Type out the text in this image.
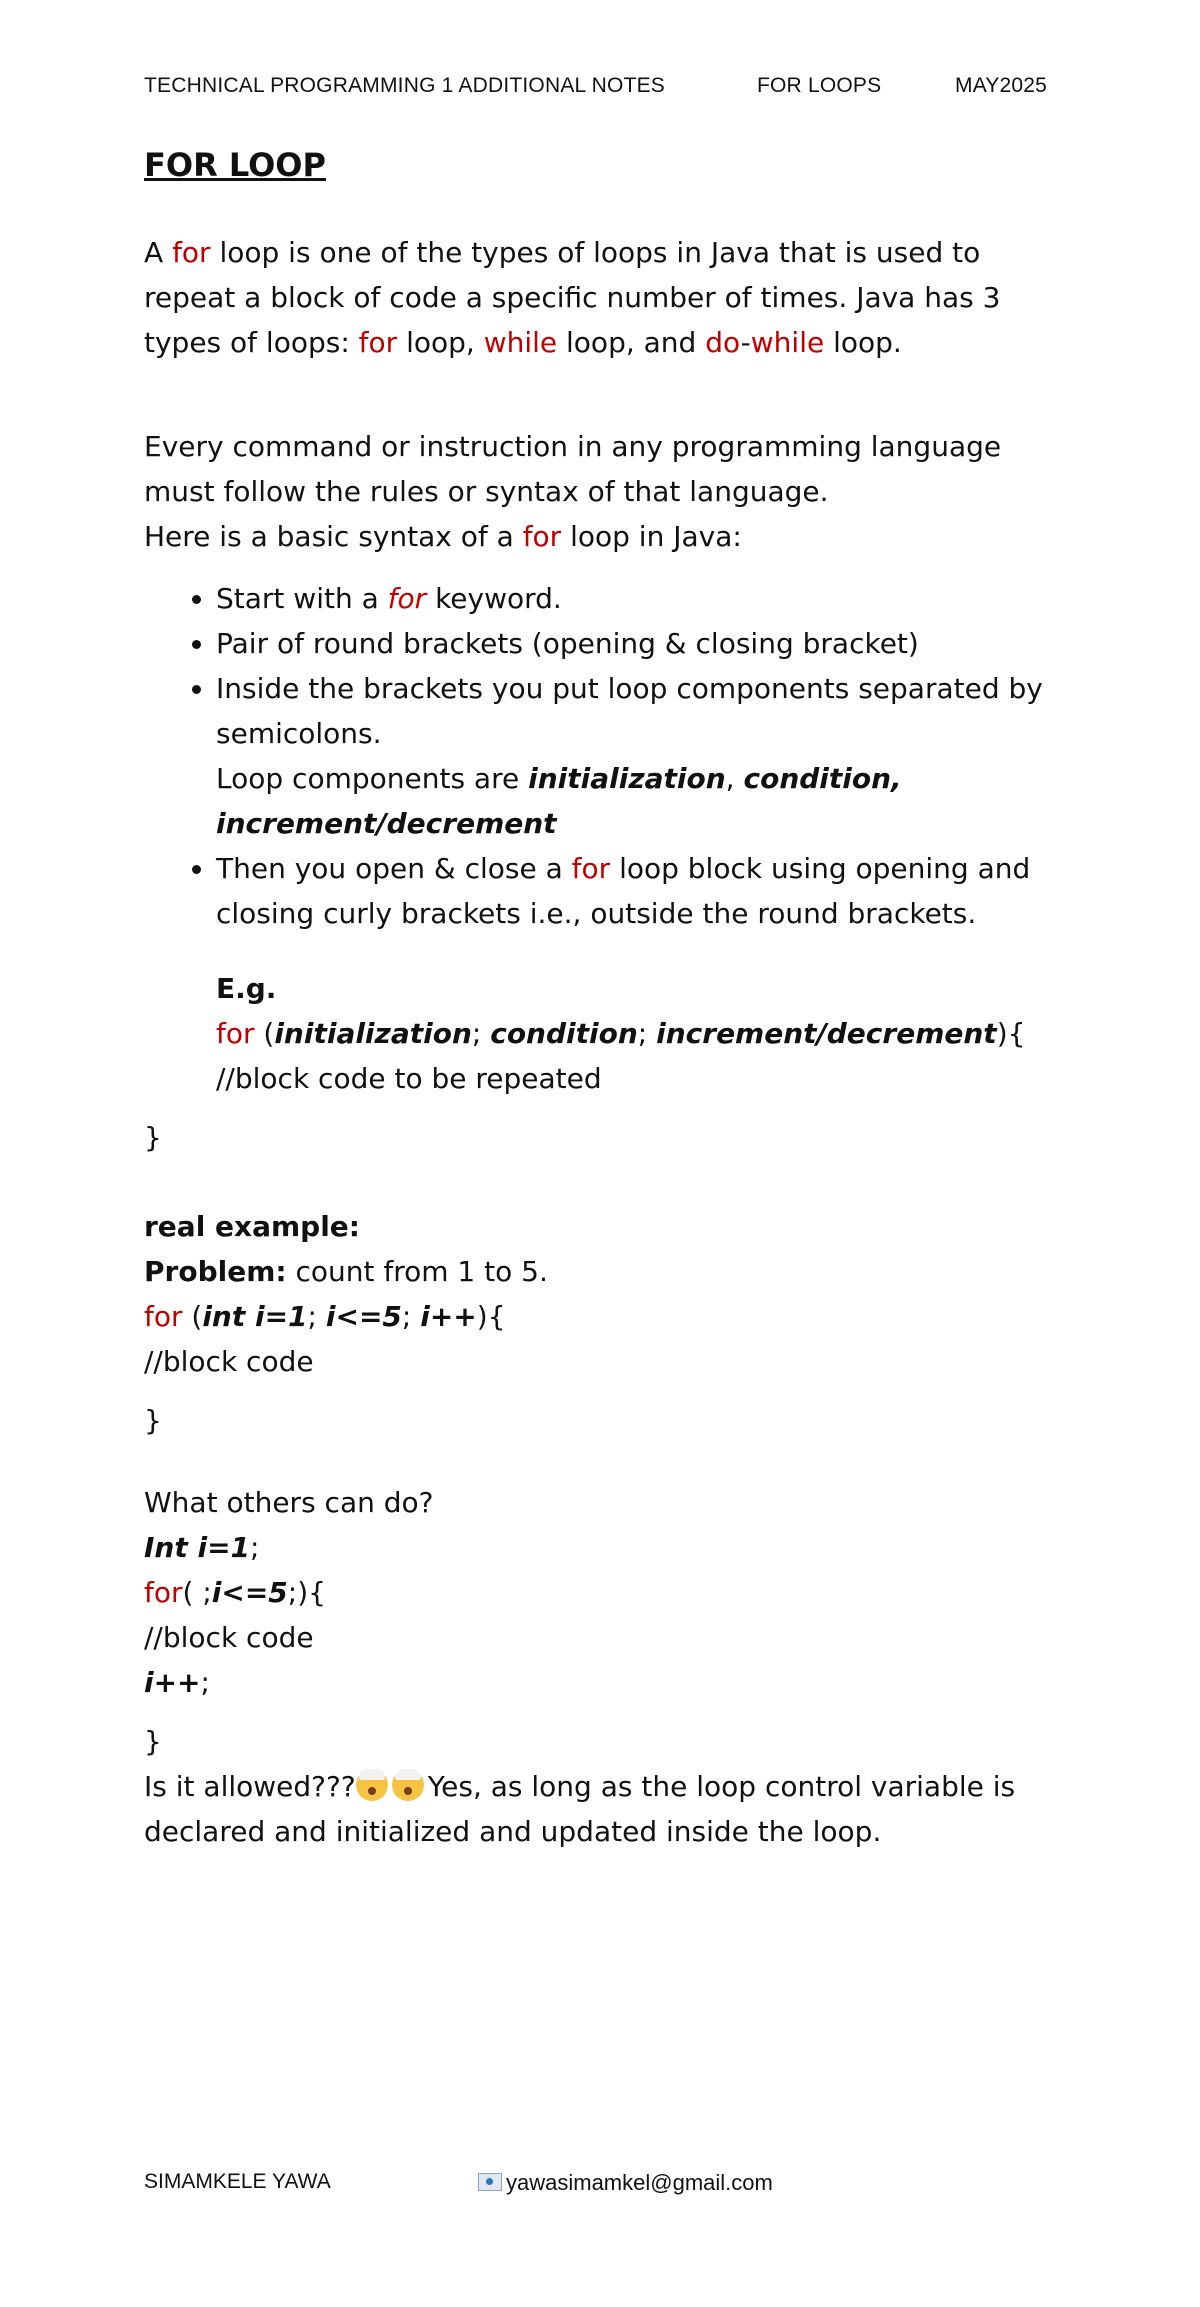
TECHNICAL PROGRAMMING 1 ADDITIONAL NOTES	FOR LOOPS	MAY2025
FOR LOOP

A for loop is one of the types of loops in Java that is used to repeat a block of code a specific number of times. Java has 3 types of loops: for loop, while loop, and do-while loop.

Every command or instruction in any programming language must follow the rules or syntax of that language.

Here is a basic syntax of a for loop in Java:

• Start with a for keyword.
• Pair of round brackets (opening & closing bracket)
• Inside the brackets you put loop components separated by semicolons.
Loop components are initialization, condition,
increment/decrement
• Then you open & close a for loop block using opening and closing curly brackets i.e., outside the round brackets.

E.g.

for (initialization; condition; increment/decrement){

//block code to be repeated

}

real example:

Problem: count from 1 to 5.

for (int i=1; i<=5; i++){

//block code

}

What others can do?

Int i=1;

for( ;i<=5;){

//block code

i++;

}

Is it allowed???	Yes, as long as the loop control variable is declared and initialized and updated inside the loop.

SIMAMKELE YAWA	yawasimamkel@gmail.com
